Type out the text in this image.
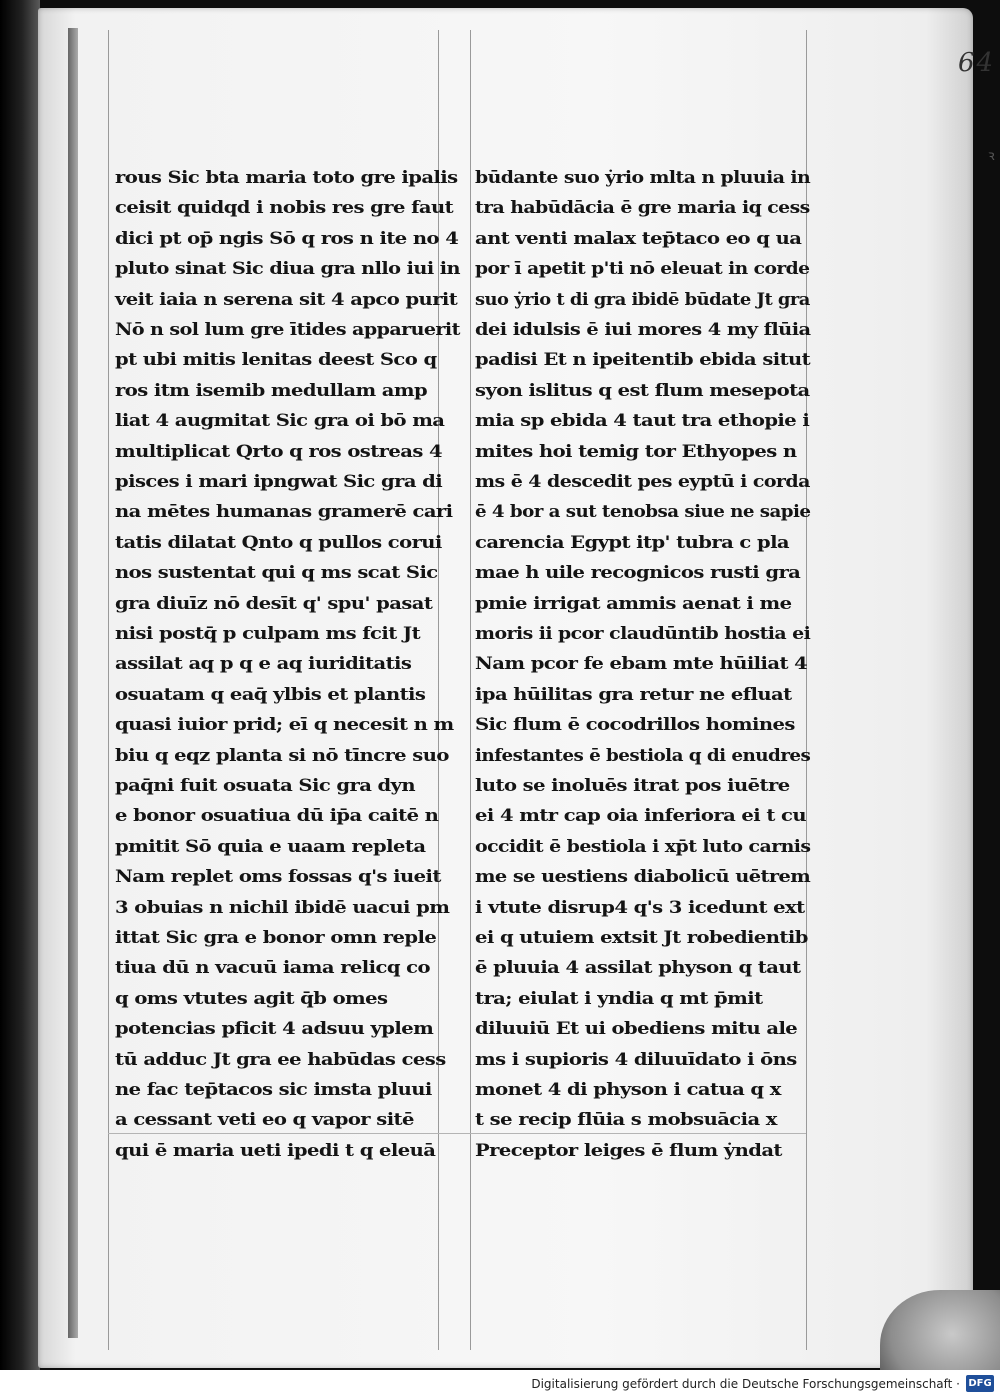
64
ꝛ
rous Sic bta maria toto gre ipalis
ceisit quidqd i nobis res gre faut
dici pt op̄ ngis Sō q ros n ite no 4
pluto sinat Sic diua gra nllo iui in
veit iaia n serena sit 4 apco purit
Nō n sol lum gre ītides apparuerit
pt ubi mitis lenitas deest Sco q
ros itm isemib medullam amp
liat 4 augmitat Sic gra oi bō ma
multiplicat Qrto q ros ostreas 4
pisces i mari ipngwat Sic gra di
na mētes humanas gramerē cari
tatis dilatat Qnto q pullos corui
nos sustentat qui q ms scat Sic
gra diuīz nō desīt q' spu' pasat
nisi postq̄ p culpam ms fcit Jt
assilat aq p q e aq iuriditatis
osuatam q eaq̄ ylbis et plantis
quasi iuior prid; eī q necesit n m
biu q eqz planta si nō tīncre suo
paq̄ni fuit osuata Sic gra dyn
e bonor osuatiua dū ip̄a caitē n
pmitit Sō quia e uaam repleta
Nam replet oms fossas q's iueit
3 obuias n nichil ibidē uacui pm
ittat Sic gra e bonor omn reple
tiua dū n vacuū iama relicq co
q oms vtutes agit q̄b omes
potencias pficit 4 adsuu yplem
tū adduc Jt gra ee habūdas cess
ne fac tep̄tacos sic imsta pluui
a cessant veti eo q vapor sitē
qui ē maria ueti ipedi t q eleuā
būdante suo ẏrio mlta n pluuia in
tra habūdācia ē gre maria iq cess
ant venti malax tep̄taco eo q ua
por ī apetit p'ti nō eleuat in corde
suo ẏrio t di gra ibidē būdate Jt gra
dei idulsis ē iui mores 4 my flūia
padisi Et n ipeitentib ebida situt
syon islitus q est flum mesepota
mia sp ebida 4 taut tra ethopie i
mites hoi temig tor Ethyopes n
ms ē 4 descedit pes eyptū i corda
ē 4 bor a sut tenobsa siue ne sapie
carencia Egypt itp' tubra c pla
mae h uile recognicos rusti gra
pmie irrigat ammis aenat i me
moris ii pcor claudūntib hostia ei
Nam pcor fe ebam mte hūiliat 4
ipa hūilitas gra retur ne efluat
Sic flum ē cocodrillos homines
infestantes ē bestiola q di enudres
luto se inoluēs itrat pos iuētre
ei 4 mtr cap oia inferiora ei t cu
occidit ē bestiola i xp̄t luto carnis
me se uestiens diabolicū uētrem
i vtute disrup4 q's 3 icedunt ext
ei q utuiem extsit Jt robedientib
ē pluuia 4 assilat physon q taut
tra; eiulat i yndia q mt p̄mit
diluuiū Et ui obediens mitu ale
ms i supioris 4 diluuīdato i ōns
monet 4 di physon i catua q x
t se recip flūia s mobsuācia x
Preceptor leiges ē flum ẏndat
Digitalisierung gefördert durch die Deutsche Forschungsgemeinschaft · DFG
